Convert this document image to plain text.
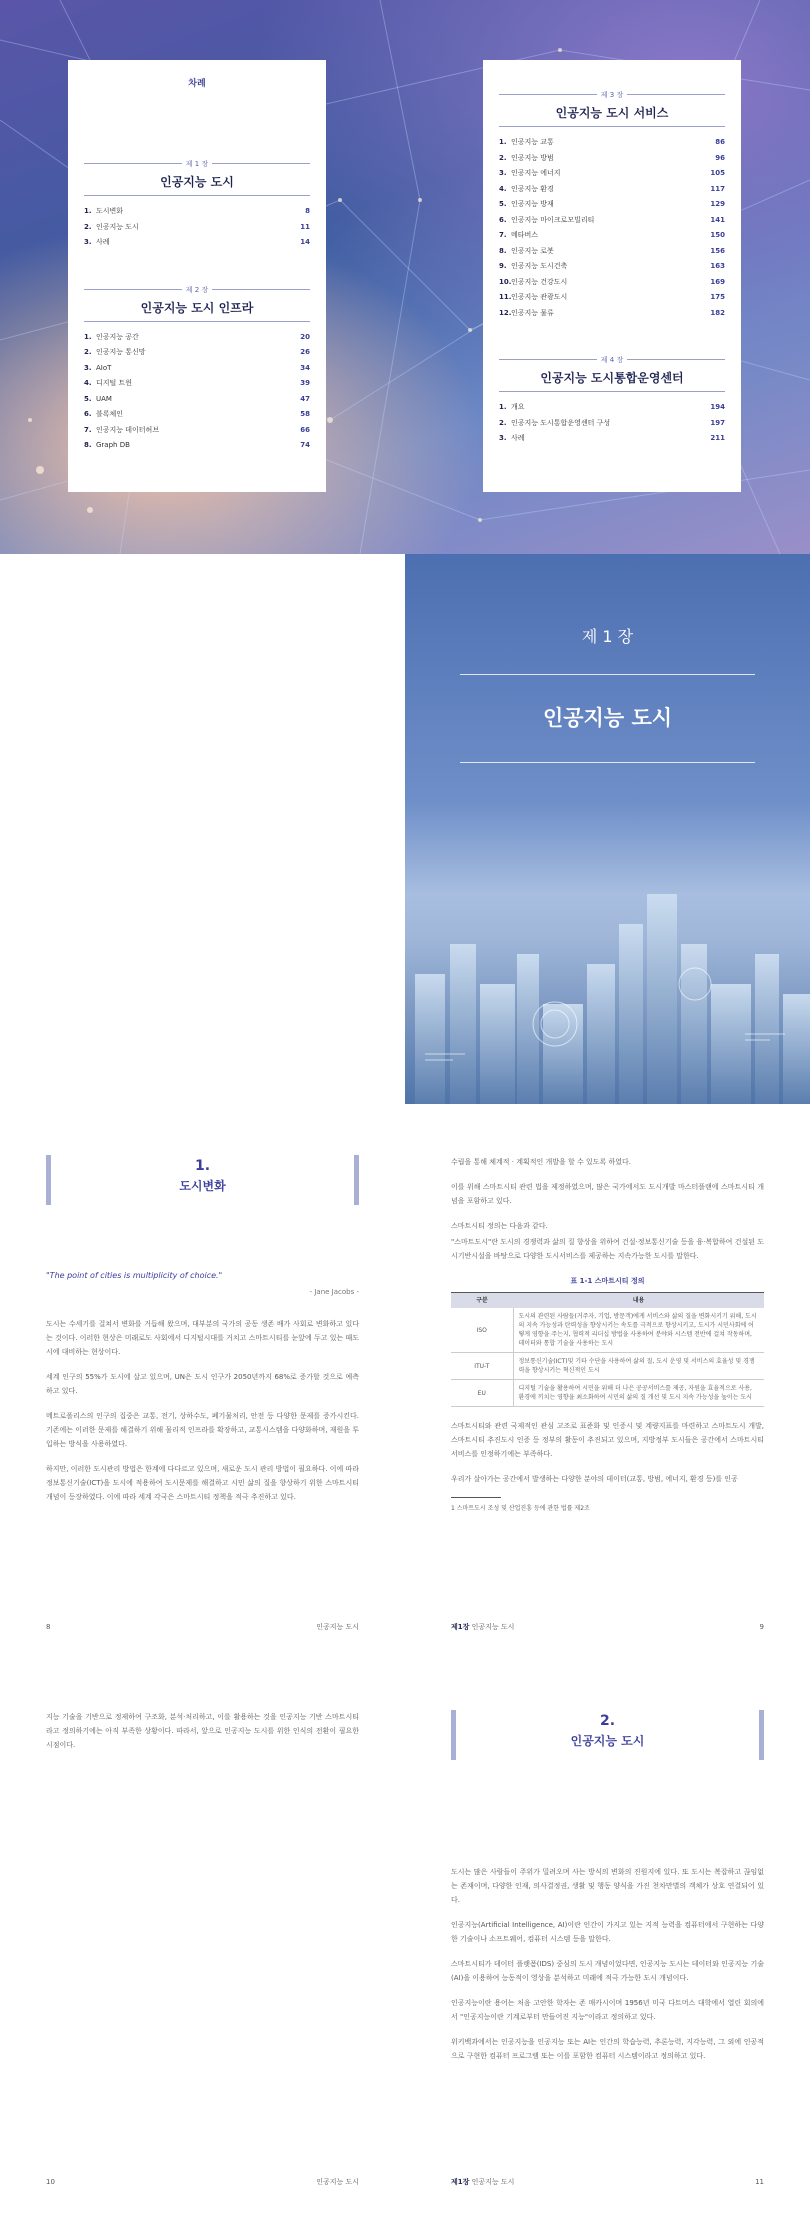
차례
제 1 장
인공지능 도시
1. 도시변화	8
2. 인공지능 도시	11
3. 사례	14
제 2 장
인공지능 도시 인프라
1. 인공지능 공간	20
2. 인공지능 통신망	26
3. AIoT	34
4. 디지털 트윈	39
5. UAM	47
6. 블록체인	58
7. 인공지능 데이터허브	66
8. Graph DB	74
제 3 장
인공지능 도시 서비스
1. 인공지능 교통	86
2. 인공지능 방범	96
3. 인공지능 에너지	105
4. 인공지능 환경	117
5. 인공지능 방재	129
6. 인공지능 마이크로모빌리티	141
7. 메타버스	150
8. 인공지능 로봇	156
9. 인공지능 도시건축	163
10. 인공지능 건강도시	169
11. 인공지능 관광도시	175
12. 인공지능 물류	182
제 4 장
인공지능 도시통합운영센터
1. 개요	194
2. 인공지능 도시통합운영센터 구성	197
3. 사례	211
제 1 장
인공지능 도시
1.
도시변화
"The point of cities is multiplicity of choice."
- Jane Jacobs -

도시는 수세기를 걸쳐서 변화를 거듭해 왔으며, 대부분의 국가의 공동 생존 배가 사회로 변화하고 있다는 것이다. 이러한 현상은 미래로도 사회에서 디지털시대를 거치고 스마트시티를 눈앞에 두고 있는 때도시에 대비하는 현상이다.

세계 인구의 55%가 도시에 살고 있으며, UN은 도시 인구가 2050년까지 68%로 증가할 것으로 예측하고 있다.

메트로폴리스의 인구의 집중은 교통, 전기, 상하수도, 폐기물처리, 안전 등 다양한 문제를 증가시킨다. 기존에는 이러한 문제를 해결하기 위해 물리적 인프라를 확장하고, 교통시스템을 다양화하며, 재원을 투입하는 방식을 사용하였다.

하지만, 이러한 도시관리 방법은 한계에 다다르고 있으며, 새로운 도시 관리 방법이 필요하다. 이에 따라 정보통신기술(ICT)을 도시에 적용하여 도시문제를 해결하고 시민 삶의 질을 향상하기 위한 스마트시티 개념이 등장하였다. 이에 따라 세계 각국은 스마트시티 정책을 적극 추진하고 있다.

8	인공지능 도시

수립을 통해 체계적 · 계획적인 개발을 할 수 있도록 하였다.

이를 위해 스마트시티 관련 법을 제정하였으며, 많은 국가에서도 도시개발 마스터플랜에 스마트시티 개념을 포함하고 있다.

스마트시티 정의는 다음과 같다.

"스마트도시"란 도시의 경쟁력과 삶의 질 향상을 위하여 건설·정보통신기술 등을 융·복합하여 건설된 도시기반시설을 바탕으로 다양한 도시서비스를 제공하는 지속가능한 도시를 말한다.

표 1-1 스마트시티 정의
구분	내용
ISO	도시의 관련된 사람들(거주자, 기업, 방문객)에게 서비스와 삶의 질을 변화시키기 위해, 도시의 지속 가능성과 탄력성을 향상시키는 속도를 극적으로 향상시키고, 도시가 시민사회에 어떻게 영향을 주는지, 협력적 리더십 방법을 사용하여 분야와 시스템 전반에 걸쳐 작동하며, 데이터와 통합 기술을 사용하는 도시
ITU-T	정보통신기술(ICT)및 기타 수단을 사용하여 삶의 질, 도시 운영 및 서비스의 효율성 및 경쟁력을 향상시키는 혁신적인 도시
EU	디지털 기술을 활용하여 시민을 위해 더 나은 공공서비스를 제공, 자원을 효율적으로 사용, 환경에 끼치는 영향을 최소화하여 시민의 삶의 질 개선 및 도시 지속 가능성을 높이는 도시

스마트시티와 관련 국제적인 관심 고조로 표준화 및 인증시 및 계량지표를 마련하고 스마트도시 개발, 스마트시티 추진도시 인증 등 정부의 활동이 추진되고 있으며, 지방정부 도시들은 공간에서 스마트시티 서비스를 인정하기에는 부족하다.

우리가 살아가는 공간에서 발생하는 다양한 분야의 데이터(교통, 방범, 에너지, 환경 등)를 인공

1 스마트도시 조성 및 산업진흥 등에 관한 법률 제2조
제1장 인공지능 도시	9

지능 기술을 기반으로 정제하여 구조화, 분석·처리하고, 이를 활용하는 것을 인공지능 기반 스마트시티라고 정의하기에는 아직 부족한 상황이다. 따라서, 앞으로 인공지능 도시를 위한 인식의 전환이 필요한 시점이다.

10	인공지능 도시
2.
인공지능 도시

도시는 많은 사람들이 주위가 밀려오며 사는 방식의 변화의 진원지에 있다. 또 도시는 복잡하고 끊임없는 존재이며, 다양한 인재, 의사결정권, 생활 및 행동 양식을 가진 천차만별의 객체가 상호 연결되어 있다.

인공지능(Artificial Intelligence, AI)이란 인간이 가지고 있는 지적 능력을 컴퓨터에서 구현하는 다양한 기술이나 소프트웨어, 컴퓨터 시스템 등을 말한다.

스마트시티가 데이터 플랫폼(IDS) 중심의 도시 개념이었다면, 인공지능 도시는 데이터와 인공지능 기술(AI)을 이용하여 능동적이 영상을 분석하고 미래에 적극 가능한 도시 개념이다.

인공지능이란 용어는 처음 고안한 학자는 존 매카시이며 1956년 미국 다트머스 대학에서 열린 회의에서 "인공지능이란 기계로부터 만들어진 지능"이라고 정의하고 있다.

위키백과에서는 인공지능을 인공지능 또는 AI는 인간의 학습능력, 추론능력, 지각능력, 그 외에 인공적으로 구현한 컴퓨터 프로그램 또는 이를 포함한 컴퓨터 시스템이라고 정의하고 있다.

제1장 인공지능 도시	11
